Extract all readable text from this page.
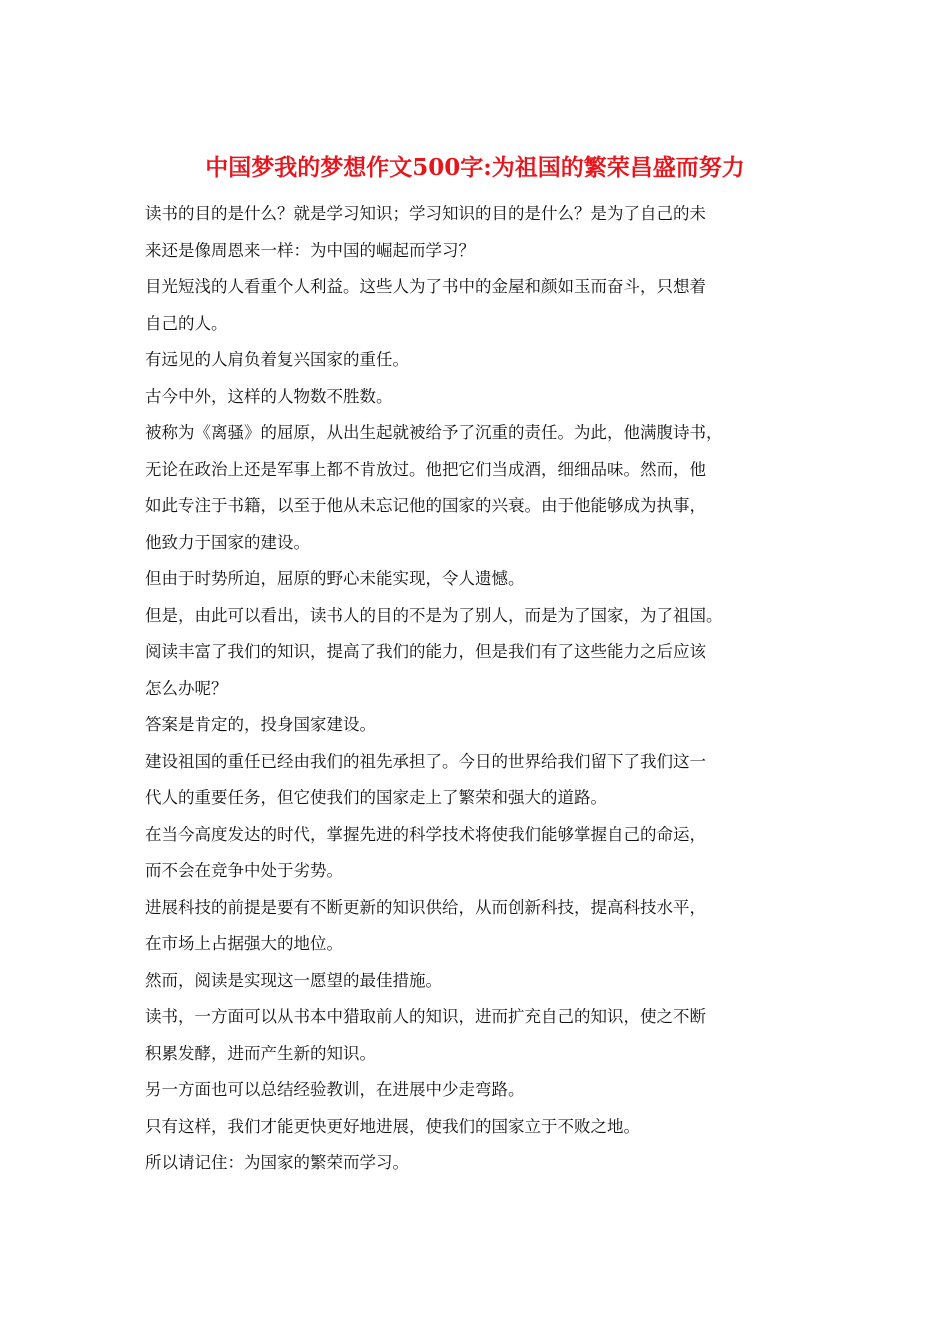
中国梦我的梦想作文500字:为祖国的繁荣昌盛而努力
读书的目的是什么？就是学习知识；学习知识的目的是什么？是为了自己的未
来还是像周恩来一样：为中国的崛起而学习？
目光短浅的人看重个人利益。这些人为了书中的金屋和颜如玉而奋斗，只想着
自己的人。
有远见的人肩负着复兴国家的重任。
古今中外，这样的人物数不胜数。
被称为《离骚》的屈原，从出生起就被给予了沉重的责任。为此，他满腹诗书，
无论在政治上还是军事上都不肯放过。他把它们当成酒，细细品味。然而，他
如此专注于书籍，以至于他从未忘记他的国家的兴衰。由于他能够成为执事，
他致力于国家的建设。
但由于时势所迫，屈原的野心未能实现，令人遗憾。
但是，由此可以看出，读书人的目的不是为了别人，而是为了国家，为了祖国。
阅读丰富了我们的知识，提高了我们的能力，但是我们有了这些能力之后应该
怎么办呢？
答案是肯定的，投身国家建设。
建设祖国的重任已经由我们的祖先承担了。今日的世界给我们留下了我们这一
代人的重要任务，但它使我们的国家走上了繁荣和强大的道路。
在当今高度发达的时代，掌握先进的科学技术将使我们能够掌握自己的命运，
而不会在竞争中处于劣势。
进展科技的前提是要有不断更新的知识供给，从而创新科技，提高科技水平，
在市场上占据强大的地位。
然而，阅读是实现这一愿望的最佳措施。
读书，一方面可以从书本中猎取前人的知识，进而扩充自己的知识，使之不断
积累发酵，进而产生新的知识。
另一方面也可以总结经验教训，在进展中少走弯路。
只有这样，我们才能更快更好地进展，使我们的国家立于不败之地。
所以请记住：为国家的繁荣而学习。
